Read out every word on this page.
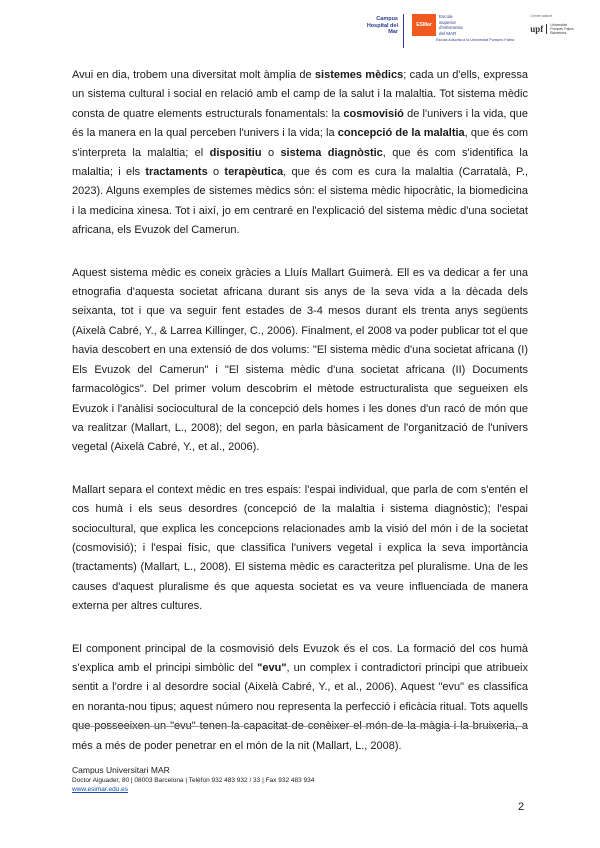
Campus Hospital del Mar
ESMar
Escola Superior d'Infermeria del MAR
Escola Adscrita a la Universitat Pompeu Fabra
Centre adscrit
upf	Universitat Pompeu Fabra Barcelona

Avui en dia, trobem una diversitat molt àmplia de sistemes mèdics; cada un d'ells, expressa un sistema cultural i social en relació amb el camp de la salut i la malaltia. Tot sistema mèdic consta de quatre elements estructurals fonamentals: la cosmovisió de l'univers i la vida, que és la manera en la qual perceben l'univers i la vida; la concepció de la malaltia, que és com s'interpreta la malaltia; el dispositiu o sistema diagnòstic, que és com s'identifica la malaltia; i els tractaments o terapèutica, que és com es cura la malaltia (Carratalà, P., 2023). Alguns exemples de sistemes mèdics són: el sistema mèdic hipocràtic, la biomedicina i la medicina xinesa. Tot i així, jo em centraré en l'explicació del sistema mèdic d'una societat africana, els Evuzok del Camerun.

Aquest sistema mèdic es coneix gràcies a Lluís Mallart Guimerà. Ell es va dedicar a fer una etnografia d'aquesta societat africana durant sis anys de la seva vida a la dècada dels seixanta, tot i que va seguir fent estades de 3-4 mesos durant els trenta anys següents (Aixelà Cabré, Y., & Larrea Killinger, C., 2006). Finalment, el 2008 va poder publicar tot el que havia descobert en una extensió de dos volums: "El sistema mèdic d'una societat africana (I) Els Evuzok del Camerun" i "El sistema mèdic d'una societat africana (II) Documents farmacològics". Del primer volum descobrim el mètode estructuralista que segueixen els Evuzok i l'anàlisi sociocultural de la concepció dels homes i les dones d'un racó de món que va realitzar (Mallart, L., 2008); del segon, en parla bàsicament de l'organització de l'univers vegetal (Aixelà Cabré, Y., et al., 2006).

Mallart separa el context mèdic en tres espais: l'espai individual, que parla de com s'entén el cos humà i els seus desordres (concepció de la malaltia i sistema diagnòstic); l'espai sociocultural, que explica les concepcions relacionades amb la visió del món i de la societat (cosmovisió); i l'espai físic, que classifica l'univers vegetal i explica la seva importància (tractaments) (Mallart, L., 2008). El sistema mèdic es caracteritza pel pluralisme. Una de les causes d'aquest pluralisme és que aquesta societat es va veure influenciada de manera externa per altres cultures.

El component principal de la cosmovisió dels Evuzok és el cos. La formació del cos humà s'explica amb el principi simbòlic del "evu", un complex i contradictori principi que atribueix sentit a l'ordre i al desordre social (Aixelà Cabré, Y., et al., 2006). Aquest "evu" es classifica en noranta-nou tipus; aquest número nou representa la perfecció i eficàcia ritual. Tots aquells que posseeixen un "evu" tenen la capacitat de conèixer el món de la màgia i la bruixeria, a més a més de poder penetrar en el món de la nit (Mallart, L., 2008).

Campus Universitari MAR
Doctor Aiguader, 80 | 08003 Barcelona | Telèfon 932 483 932 / 33 | Fax 932 483 934
www.esimar.edu.es
2
